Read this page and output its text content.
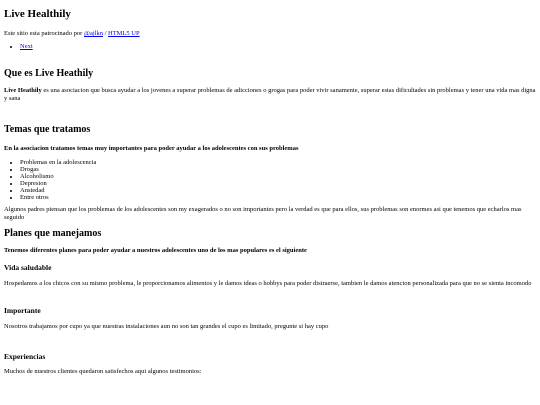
Live Healthily

Este sitio esta patrocinado por @ajlkn / HTML5 UP

• Next
Que es Live Heathily

Live Heathily es una asociacion que busca ayudar a los jovenes a superar problemas de adicciones o grogas para poder vivir sanamente, superar estas dificultades sin problemas y tener una vida mas digna y sana

Temas que tratamos

En la asociacion tratamos temas muy importantes para poder ayudar a los adolescentes con sus problemas

• Problemas en la adolescencia
• Drogas
• Alcoholismo
• Depresion
• Ansiedad
• Entre otros

Algunos padres piensan que los problemas de los adolescentes son my exagerados o no son importantes pero la verdad es que para ellos, sus problemas son enormes asi que tenemos que echarlos mas seguido

Planes que manejamos

Tenemos diferentes planes para poder ayudar a nuestros adolescentes uno de los mas populares es el siguiente

Vida saludable

Hospedamos a los chicos con su mismo problema, le proporcionamos alimentos y le damos ideas o hobbys para poder distraerse, tambien le damos atencion personalizada para que no se sienta incomodo

Importante

Nosotros trabajamos por cupo ya que nuestras instalaciones aun no son tan grandes el cupo es limitado, pregunte si hay cupo

Experiencias

Muchos de nuestros clientes quedaron satisfechos aqui algunos testimonios:
